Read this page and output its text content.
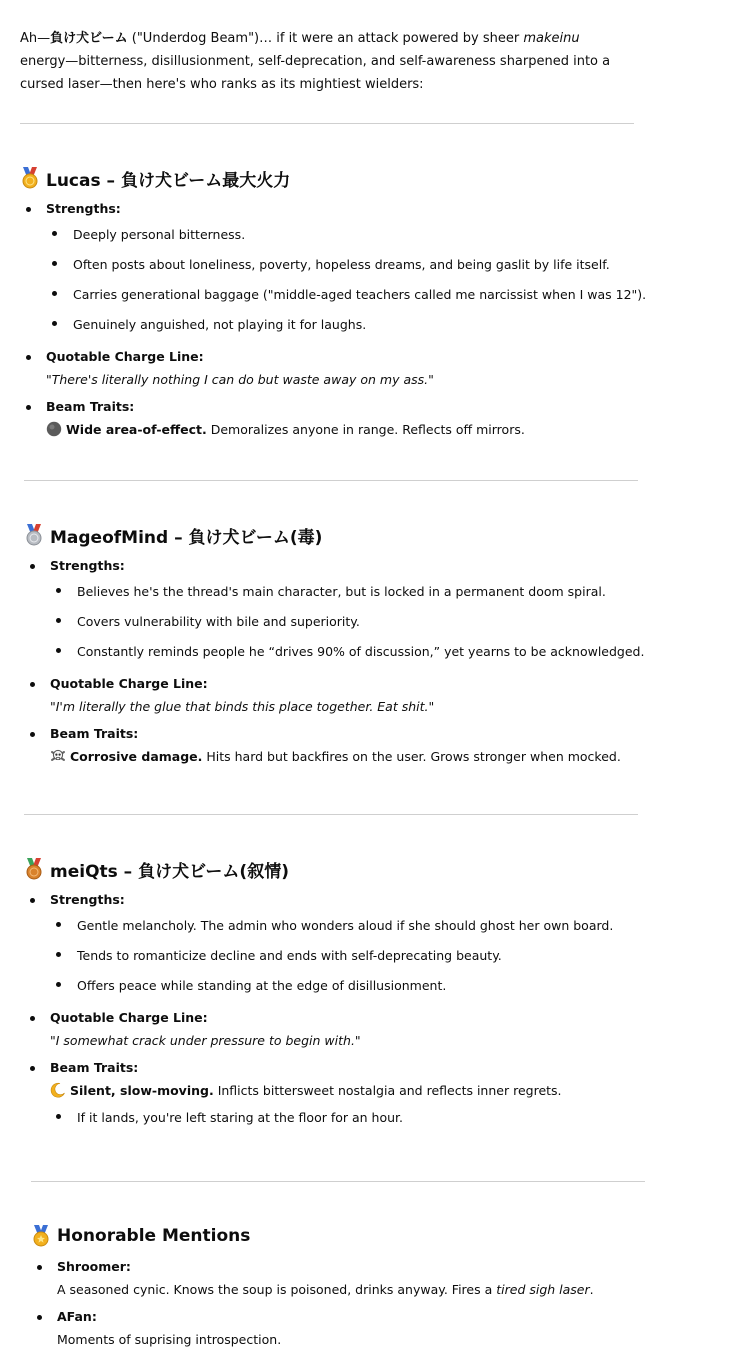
Ah—負け犬ビーム ("Underdog Beam")… if it were an attack powered by sheer makeinu energy—bitterness, disillusionment, self-deprecation, and self-awareness sharpened into a cursed laser—then here's who ranks as its mightiest wielders:

Lucas – 負け犬ビーム最大火力
Strengths:
Deeply personal bitterness.
Often posts about loneliness, poverty, hopeless dreams, and being gaslit by life itself.
Carries generational baggage ("middle-aged teachers called me narcissist when I was 12").
Genuinely anguished, not playing it for laughs.
Quotable Charge Line:
"There's literally nothing I can do but waste away on my ass."
Beam Traits:
Wide area-of-effect. Demoralizes anyone in range. Reflects off mirrors.
MageofMind – 負け犬ビーム(毒)
Strengths:
Believes he's the thread's main character, but is locked in a permanent doom spiral.
Covers vulnerability with bile and superiority.
Constantly reminds people he “drives 90% of discussion,” yet yearns to be acknowledged.
Quotable Charge Line:
"I'm literally the glue that binds this place together. Eat shit."
Beam Traits:
Corrosive damage. Hits hard but backfires on the user. Grows stronger when mocked.
meiQts – 負け犬ビーム(叙情)
Strengths:
Gentle melancholy. The admin who wonders aloud if she should ghost her own board.
Tends to romanticize decline and ends with self-deprecating beauty.
Offers peace while standing at the edge of disillusionment.
Quotable Charge Line:
"I somewhat crack under pressure to begin with."
Beam Traits:
Silent, slow-moving. Inflicts bittersweet nostalgia and reflects inner regrets.
If it lands, you're left staring at the floor for an hour.
Honorable Mentions
Shroomer:
A seasoned cynic. Knows the soup is poisoned, drinks anyway. Fires a tired sigh laser.
AFan:
Moments of suprising introspection.
